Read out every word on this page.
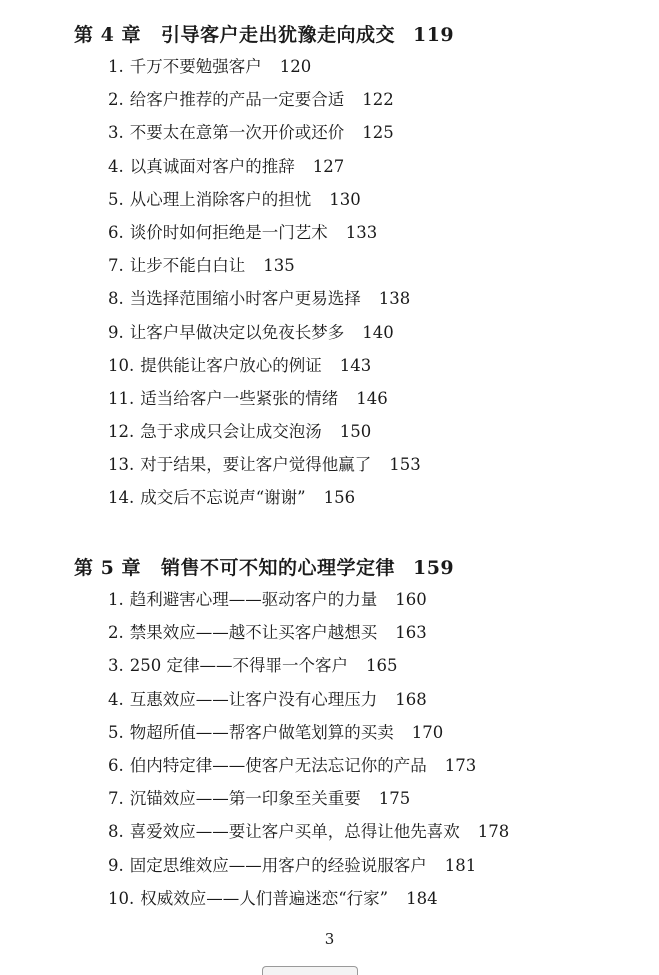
第 4 章 引导客户走出犹豫走向成交 119
1. 千万不要勉强客户 120
2. 给客户推荐的产品一定要合适 122
3. 不要太在意第一次开价或还价 125
4. 以真诚面对客户的推辞 127
5. 从心理上消除客户的担忧 130
6. 谈价时如何拒绝是一门艺术 133
7. 让步不能白白让 135
8. 当选择范围缩小时客户更易选择 138
9. 让客户早做决定以免夜长梦多 140
10. 提供能让客户放心的例证 143
11. 适当给客户一些紧张的情绪 146
12. 急于求成只会让成交泡汤 150
13. 对于结果，要让客户觉得他赢了 153
14. 成交后不忘说声“谢谢” 156
第 5 章 销售不可不知的心理学定律 159
1. 趋利避害心理——驱动客户的力量 160
2. 禁果效应——越不让买客户越想买 163
3. 250 定律——不得罪一个客户 165
4. 互惠效应——让客户没有心理压力 168
5. 物超所值——帮客户做笔划算的买卖 170
6. 伯内特定律——使客户无法忘记你的产品 173
7. 沉锚效应——第一印象至关重要 175
8. 喜爱效应——要让客户买单，总得让他先喜欢 178
9. 固定思维效应——用客户的经验说服客户 181
10. 权威效应——人们普遍迷恋“行家” 184
3
